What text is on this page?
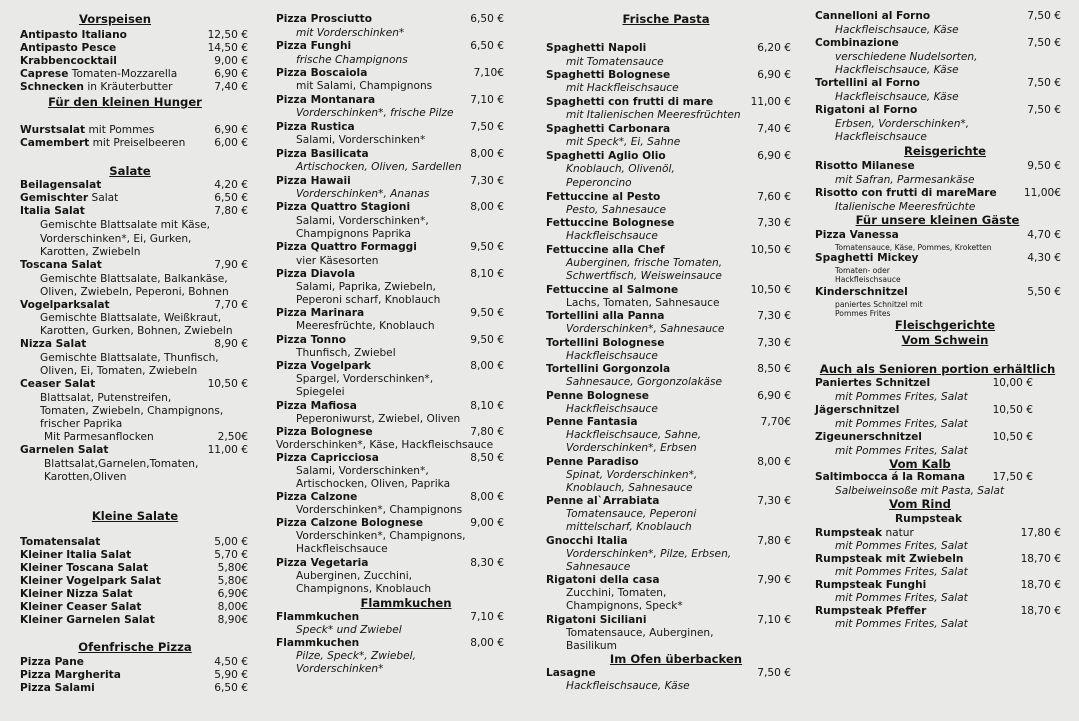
Vorspeisen
Antipasto Italiano	12,50 €
Antipasto Pesce	14,50 €
Krabbencocktail	9,00 €
Caprese Tomaten-Mozzarella	6,90 €
Schnecken in Kräuterbutter	7,40 €
Für den kleinen Hunger
Wurstsalat mit Pommes	6,90 €
Camembert mit Preiselbeeren	6,00 €
Salate
Beilagensalat	4,20 €
Gemischter Salat	6,50 €
Italia Salat	7,80 €
Gemischte Blattsalate mit Käse,
Vorderschinken*, Ei, Gurken,
Karotten, Zwiebeln
Toscana Salat	7,90 €
Gemischte Blattsalate, Balkankäse,
Oliven, Zwiebeln, Peperoni, Bohnen
Vogelparksalat	7,70 €
Gemischte Blattsalate, Weißkraut,
Karotten, Gurken, Bohnen, Zwiebeln
Nizza Salat	8,90 €
Gemischte Blattsalate, Thunfisch,
Oliven, Ei, Tomaten, Zwiebeln
Ceaser Salat	10,50 €
Blattsalat, Putenstreifen,
Tomaten, Zwiebeln, Champignons,
frischer Paprika
Mit Parmesanflocken	2,50€
Garnelen Salat	11,00 €
Blattsalat,Garnelen,Tomaten,
Karotten,Oliven
Kleine Salate
Tomatensalat	5,00 €
Kleiner Italia Salat	5,70 €
Kleiner Toscana Salat	5,80€
Kleiner Vogelpark Salat	5,80€
Kleiner Nizza Salat	6,90€
Kleiner Ceaser Salat	8,00€
Kleiner Garnelen Salat	8,90€
Ofenfrische Pizza
Pizza Pane	4,50 €
Pizza Margherita	5,90 €
Pizza Salami	6,50 €
Pizza Prosciutto	6,50 €
mit Vorderschinken*
Pizza Funghi	6,50 €
frische Champignons
Pizza Boscaiola	7,10€
mit Salami, Champignons
Pizza Montanara	7,10 €
Vorderschinken*, frische Pilze
Pizza Rustica	7,50 €
Salami, Vorderschinken*
Pizza Basilicata	8,00 €
Artischocken, Oliven, Sardellen
Pizza Hawaii	7,30 €
Vorderschinken*, Ananas
Pizza Quattro Stagioni	8,00 €
Salami, Vorderschinken*,
Champignons Paprika
Pizza Quattro Formaggi	9,50 €
vier Käsesorten
Pizza Diavola	8,10 €
Salami, Paprika, Zwiebeln,
Peperoni scharf, Knoblauch
Pizza Marinara	9,50 €
Meeresfrüchte, Knoblauch
Pizza Tonno	9,50 €
Thunfisch, Zwiebel
Pizza Vogelpark	8,00 €
Spargel, Vorderschinken*,
Spiegelei
Pizza Mafiosa	8,10 €
Peperoniwurst, Zwiebel, Oliven
Pizza Bolognese	7,80 €
Vorderschinken*, Käse, Hackfleischsauce
Pizza Capricciosa	8,50 €
Salami, Vorderschinken*,
Artischocken, Oliven, Paprika
Pizza Calzone	8,00 €
Vorderschinken*, Champignons
Pizza Calzone Bolognese	9,00 €
Vorderschinken*, Champignons,
Hackfleischsauce
Pizza Vegetaria	8,30 €
Auberginen, Zucchini,
Champignons, Knoblauch
Flammkuchen
Flammkuchen	7,10 €
Speck* und Zwiebel
Flammkuchen	8,00 €
Pilze, Speck*, Zwiebel,
Vorderschinken*
Frische Pasta
Spaghetti Napoli	6,20 €
mit Tomatensauce
Spaghetti Bolognese	6,90 €
mit Hackfleischsauce
Spaghetti con frutti di mare	11,00 €
mit Italienischen Meeresfrüchten
Spaghetti Carbonara	7,40 €
mit Speck*, Ei, Sahne
Spaghetti Aglio Olio	6,90 €
Knoblauch, Olivenöl,
Peperoncino
Fettuccine al Pesto	7,60 €
Pesto, Sahnesauce
Fettuccine Bolognese	7,30 €
Hackfleischsauce
Fettuccine alla Chef	10,50 €
Auberginen, frische Tomaten,
Schwertfisch, Weisweinsauce
Fettuccine al Salmone	10,50 €
Lachs, Tomaten, Sahnesauce
Tortellini alla Panna	7,30 €
Vorderschinken*, Sahnesauce
Tortellini Bolognese	7,30 €
Hackfleischsauce
Tortellini Gorgonzola	8,50 €
Sahnesauce, Gorgonzolakäse
Penne Bolognese	6,90 €
Hackfleischsauce
Penne Fantasia	7,70€
Hackfleischsauce, Sahne,
Vorderschinken*, Erbsen
Penne Paradiso	8,00 €
Spinat, Vorderschinken*,
Knoblauch, Sahnesauce
Penne al`Arrabiata	7,30 €
Tomatensauce, Peperoni
mittelscharf, Knoblauch
Gnocchi Italia	7,80 €
Vorderschinken*, Pilze, Erbsen,
Sahnesauce
Rigatoni della casa	7,90 €
Zucchini, Tomaten,
Champignons, Speck*
Rigatoni Siciliani	7,10 €
Tomatensauce, Auberginen,
Basilikum
Im Ofen überbacken
Lasagne	7,50 €
Hackfleischsauce, Käse
Cannelloni al Forno	7,50 €
Hackfleischsauce, Käse
Combinazione	7,50 €
verschiedene Nudelsorten,
Hackfleischsauce, Käse
Tortellini al Forno	7,50 €
Hackfleischsauce, Käse
Rigatoni al Forno	7,50 €
Erbsen, Vorderschinken*,
Hackfleischsauce
Reisgerichte
Risotto Milanese	9,50 €
mit Safran, Parmesankäse
Risotto con frutti di mareMare	11,00€
Italienische Meeresfrüchte
Für unsere kleinen Gäste
Pizza Vanessa	4,70 €
Tomatensauce, Käse, Pommes, Kroketten
Spaghetti Mickey	4,30 €
Tomaten- oder
Hackfleischsauce
Kinderschnitzel	5,50 €
paniertes Schnitzel mit
Pommes Frites
Fleischgerichte
Vom Schwein
Auch als Senioren portion erhältlich
Paniertes Schnitzel	10,00 €
mit Pommes Frites, Salat
Jägerschnitzel	10,50 €
mit Pommes Frites, Salat
Zigeunerschnitzel	10,50 €
mit Pommes Frites, Salat
Vom Kalb
Saltimbocca á la Romana	17,50 €
Salbeiweinsoße mit Pasta, Salat
Vom Rind
Rumpsteak
Rumpsteak natur	17,80 €
mit Pommes Frites, Salat
Rumpsteak mit Zwiebeln	18,70 €
mit Pommes Frites, Salat
Rumpsteak Funghi	18,70 €
mit Pommes Frites, Salat
Rumpsteak Pfeffer	18,70 €
mit Pommes Frites, Salat
